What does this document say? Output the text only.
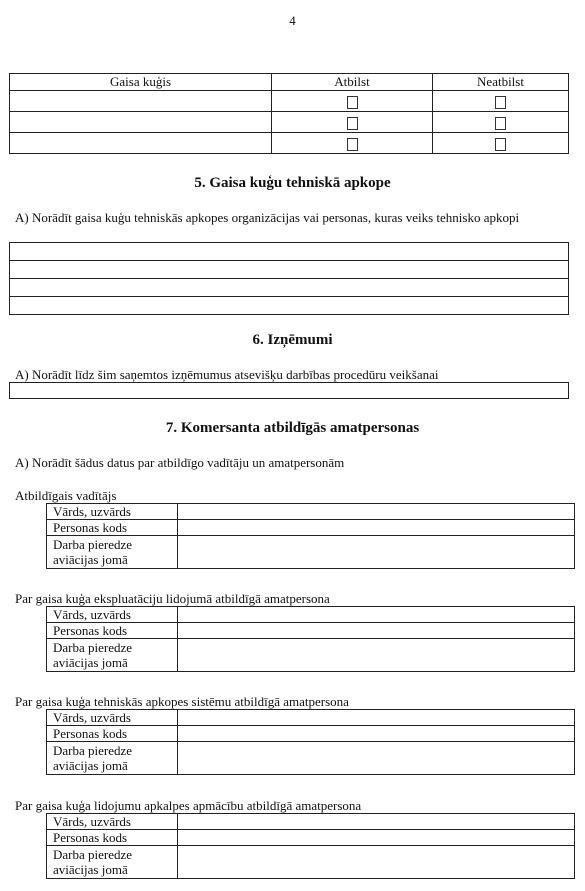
4
Gaisa kuģis	Atbilst	Neatbilst

5. Gaisa kuģu tehniskā apkope
A) Norādīt gaisa kuģu tehniskās apkopes organizācijas vai personas, kuras veiks tehnisko apkopi
6. Izņēmumi
A) Norādīt līdz šim saņemtos izņēmumus atsevišķu darbības procedūru veikšanai
7. Komersanta atbildīgās amatpersonas
A) Norādīt šādus datus par atbildīgo vadītāju un amatpersonām
Atbildīgais vadītājs
Vārds, uzvārds	
Personas kods	
Darba pieredze aviācijas jomā	
Par gaisa kuģa ekspluatāciju lidojumā atbildīgā amatpersona
Vārds, uzvārds	
Personas kods	
Darba pieredze aviācijas jomā	
Par gaisa kuģa tehniskās apkopes sistēmu atbildīgā amatpersona
Vārds, uzvārds	
Personas kods	
Darba pieredze aviācijas jomā	
Par gaisa kuģa lidojumu apkalpes apmācību atbildīgā amatpersona
Vārds, uzvārds	
Personas kods	
Darba pieredze aviācijas jomā	
